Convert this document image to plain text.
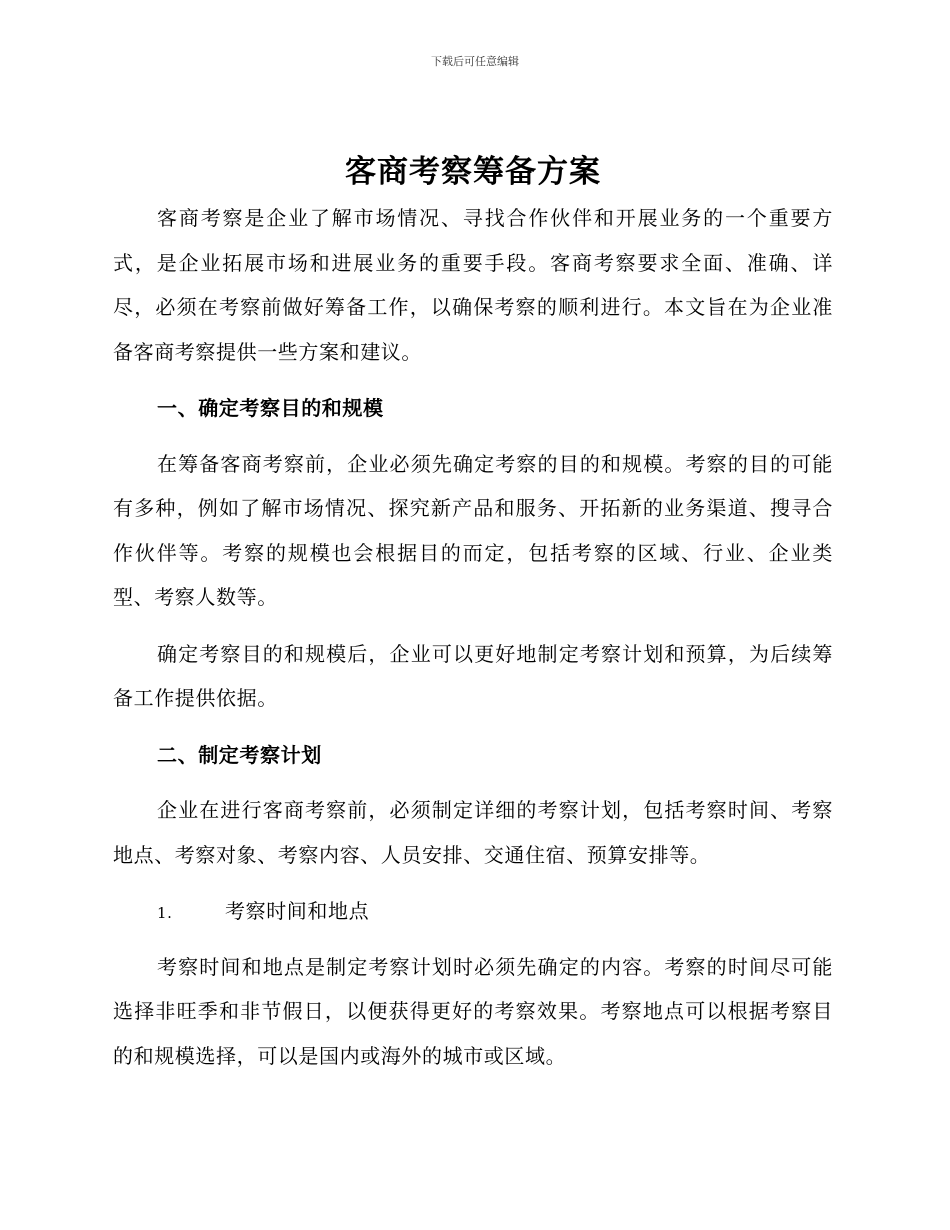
下载后可任意编辑
客商考察筹备方案

客商考察是企业了解市场情况、寻找合作伙伴和开展业务的一个重要方式，是企业拓展市场和进展业务的重要手段。客商考察要求全面、准确、详尽，必须在考察前做好筹备工作，以确保考察的顺利进行。本文旨在为企业准备客商考察提供一些方案和建议。

一、确定考察目的和规模

在筹备客商考察前，企业必须先确定考察的目的和规模。考察的目的可能有多种，例如了解市场情况、探究新产品和服务、开拓新的业务渠道、搜寻合作伙伴等。考察的规模也会根据目的而定，包括考察的区域、行业、企业类型、考察人数等。

确定考察目的和规模后，企业可以更好地制定考察计划和预算，为后续筹备工作提供依据。

二、制定考察计划

企业在进行客商考察前，必须制定详细的考察计划，包括考察时间、考察地点、考察对象、考察内容、人员安排、交通住宿、预算安排等。

1.	考察时间和地点

考察时间和地点是制定考察计划时必须先确定的内容。考察的时间尽可能选择非旺季和非节假日，以便获得更好的考察效果。考察地点可以根据考察目的和规模选择，可以是国内或海外的城市或区域。
